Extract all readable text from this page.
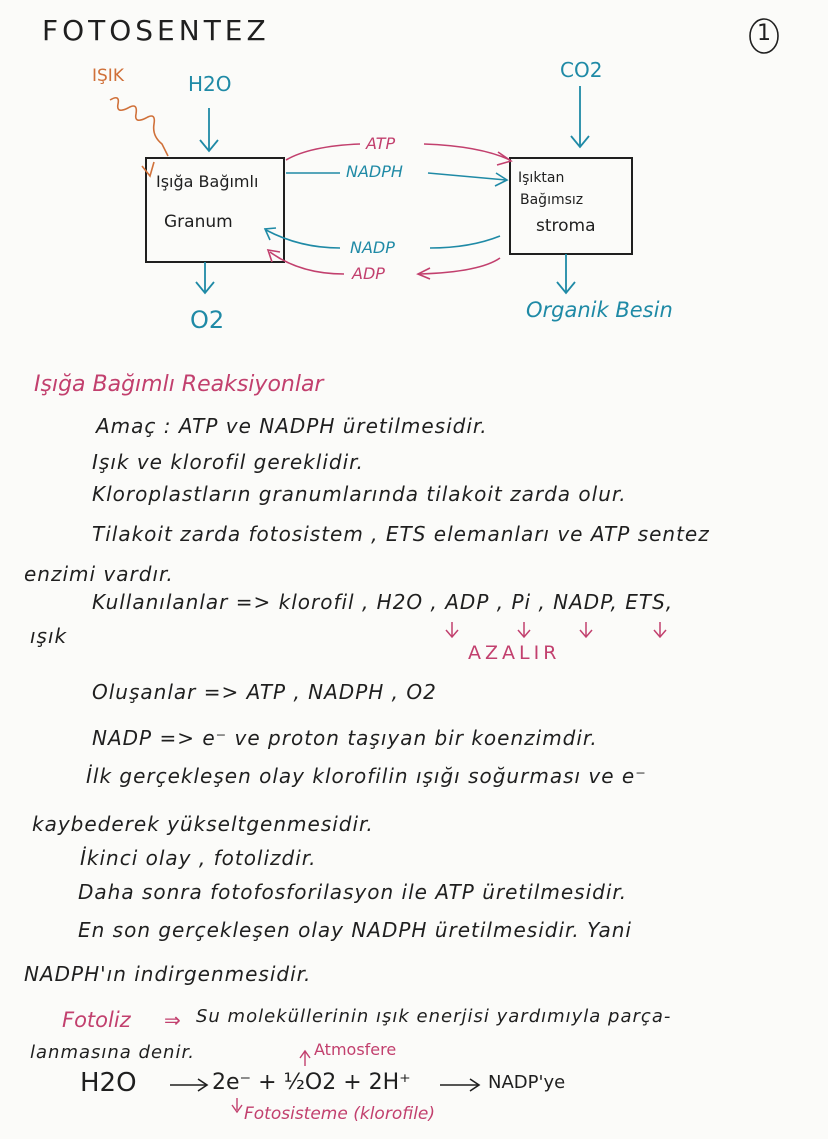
FOTOSENTEZ	1
IŞIK	H2O
CO2
Işığa Bağımlı
Granum
Işıktan
Bağımsız
stroma
ATP
NADPH
NADP
ADP
O2	Organik Besin
Işığa Bağımlı Reaksiyonlar
Amaç : ATP ve NADPH üretilmesidir.
Işık ve klorofil gereklidir.
Kloroplastların granumlarında tilakoit zarda olur.
Tilakoit zarda fotosistem , ETS elemanları ve ATP sentez
enzimi vardır.
Kullanılanlar => klorofil , H2O , ADP , Pi , NADP, ETS,
ışık
AZALIR
Oluşanlar => ATP , NADPH , O2
NADP => e⁻ ve proton taşıyan bir koenzimdir.
İlk gerçekleşen olay klorofilin ışığı soğurması ve e⁻
kaybederek yükseltgenmesidir.
İkinci olay , fotolizdir.
Daha sonra fotofosforilasyon ile ATP üretilmesidir.
En son gerçekleşen olay NADPH üretilmesidir. Yani
NADPH'ın indirgenmesidir.
Fotoliz ⇒ Su moleküllerinin ışık enerjisi yardımıyla parça-
lanmasına denir.	Atmosfere
H2O	2e⁻ + ½O2 + 2H⁺	NADP'ye
Fotosisteme (klorofile)
